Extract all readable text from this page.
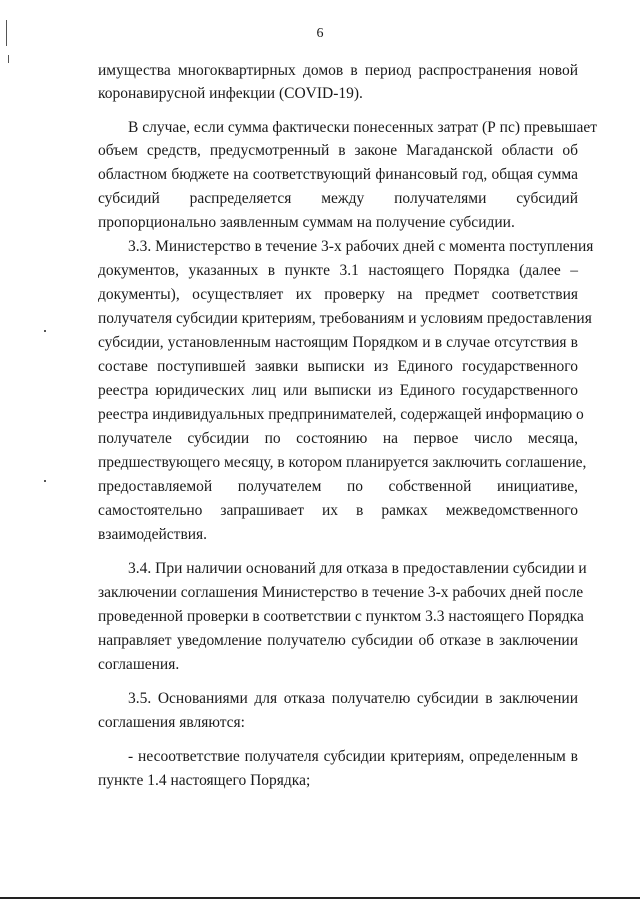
6
имущества многоквартирных домов в период распространения новой
коронавирусной инфекции (COVID-19).
В случае, если сумма фактически понесенных затрат (Р пс) превышает
объем средств, предусмотренный в законе Магаданской области об
областном бюджете на соответствующий финансовый год, общая сумма
субсидий распределяется между получателями субсидий
пропорционально заявленным суммам на получение субсидии.
3.3. Министерство в течение 3-х рабочих дней с момента поступления
документов, указанных в пункте 3.1 настоящего Порядка (далее –
документы), осуществляет их проверку на предмет соответствия
получателя субсидии критериям, требованиям и условиям предоставления
субсидии, установленным настоящим Порядком и в случае отсутствия в
составе поступившей заявки выписки из Единого государственного
реестра юридических лиц или выписки из Единого государственного
реестра индивидуальных предпринимателей, содержащей информацию о
получателе субсидии по состоянию на первое число месяца,
предшествующего месяцу, в котором планируется заключить соглашение,
предоставляемой получателем по собственной инициативе,
самостоятельно запрашивает их в рамках межведомственного
взаимодействия.
3.4. При наличии оснований для отказа в предоставлении субсидии и
заключении соглашения Министерство в течение 3-х рабочих дней после
проведенной проверки в соответствии с пунктом 3.3 настоящего Порядка
направляет уведомление получателю субсидии об отказе в заключении
соглашения.
3.5. Основаниями для отказа получателю субсидии в заключении
соглашения являются:
- несоответствие получателя субсидии критериям, определенным в
пункте 1.4 настоящего Порядка;
